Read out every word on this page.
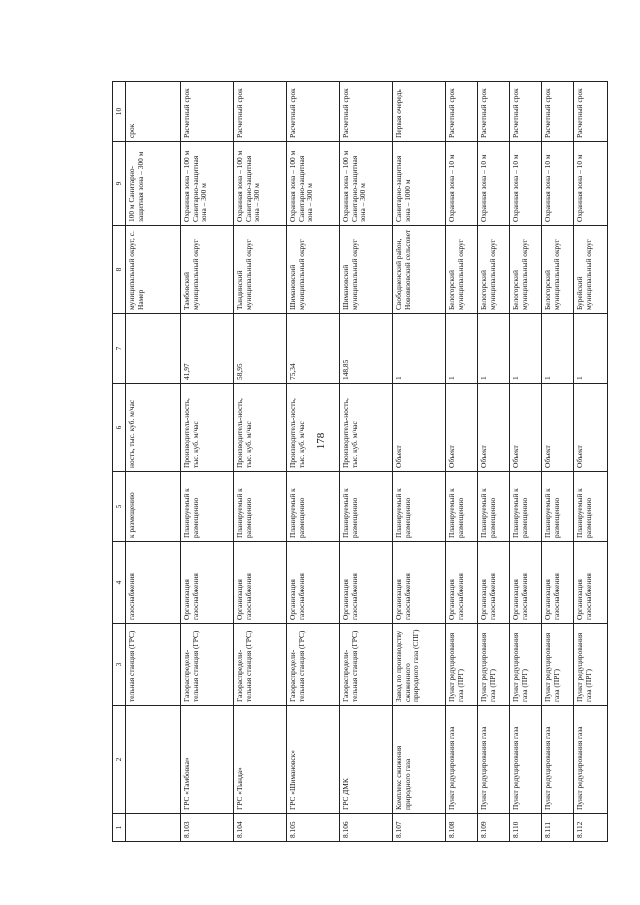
178
1	2	3	4	5	6	7	8	9	10
		тельная станция (ГРС)	газоснабжения	к размещению	ность, тыс. куб. м/час		муниципальный округ, с. Намер	100 м Санитарно-защитная зона – 300 м	срок
8.103	ГРС «Тамбовка»	Газораспредели-тельная станция (ГРС)	Организация газоснабжения	Планируемый к размещению	Производитель-ность, тыс. куб. м/час	41,97	Тамбовский муниципальный округ	Охранная зона – 100 м Санитарно-защитная зона – 300 м	Расчетный срок
8.104	ГРС «Тында»	Газораспредели-тельная станция (ГРС)	Организация газоснабжения	Планируемый к размещению	Производитель-ность, тыс. куб. м/час	58,95	Тындинский муниципальный округ	Охранная зона – 100 м Санитарно-защитная зона – 300 м	Расчетный срок
8.105	ГРС «Шимановск»	Газораспредели-тельная станция (ГРС)	Организация газоснабжения	Планируемый к размещению	Производитель-ность, тыс. куб. м/час	75,34	Шимановский муниципальный округ	Охранная зона – 100 м Санитарно-защитная зона – 300 м	Расчетный срок
8.106	ГРС ДМК	Газораспредели-тельная станция (ГРС)	Организация газоснабжения	Планируемый к размещению	Производитель-ность, тыс. куб. м/час	148,85	Шимановский муниципальный округ	Охранная зона – 100 м Санитарно-защитная зона – 300 м	Расчетный срок
8.107	Комплекс сжижения природного газа	Завод по производству сжиженного природного газа (СПГ)	Организация газоснабжения	Планируемый к размещению	Объект	1	Свободненский район, Нововязовский сельсовет	Санитарно-защитная зона – 1000 м	Первая очередь
8.108	Пункт редуцирования газа	Пункт редуцирования газа (ПРГ)	Организация газоснабжения	Планируемый к размещению	Объект	1	Белогорский муниципальный округ	Охранная зона – 10 м	Расчетный срок
8.109	Пункт редуцирования газа	Пункт редуцирования газа (ПРГ)	Организация газоснабжения	Планируемый к размещению	Объект	1	Белогорский муниципальный округ	Охранная зона – 10 м	Расчетный срок
8.110	Пункт редуцирования газа	Пункт редуцирования газа (ПРГ)	Организация газоснабжения	Планируемый к размещению	Объект	1	Белогорский муниципальный округ	Охранная зона – 10 м	Расчетный срок
8.111	Пункт редуцирования газа	Пункт редуцирования газа (ПРГ)	Организация газоснабжения	Планируемый к размещению	Объект	1	Белогорский муниципальный округ	Охранная зона – 10 м	Расчетный срок
8.112	Пункт редуцирования газа	Пункт редуцирования газа (ПРГ)	Организация газоснабжения	Планируемый к размещению	Объект	1	Бурейский муниципальный округ	Охранная зона – 10 м	Расчетный срок
